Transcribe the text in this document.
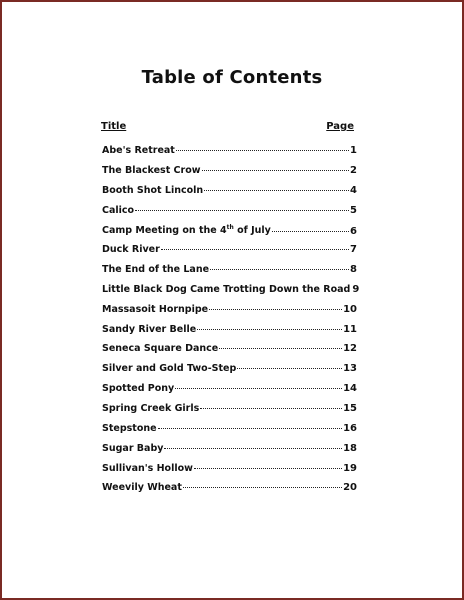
Table of Contents
Title	Page
Abe's Retreat	1
The Blackest Crow	2
Booth Shot Lincoln	4
Calico	5
Camp Meeting on the 4th of July	6
Duck River	7
The End of the Lane	8
Little Black Dog Came Trotting Down the Road 9
Massasoit Hornpipe	10
Sandy River Belle	11
Seneca Square Dance	12
Silver and Gold Two-Step	13
Spotted Pony	14
Spring Creek Girls	15
Stepstone	16
Sugar Baby	18
Sullivan's Hollow	19
Weevily Wheat	20
